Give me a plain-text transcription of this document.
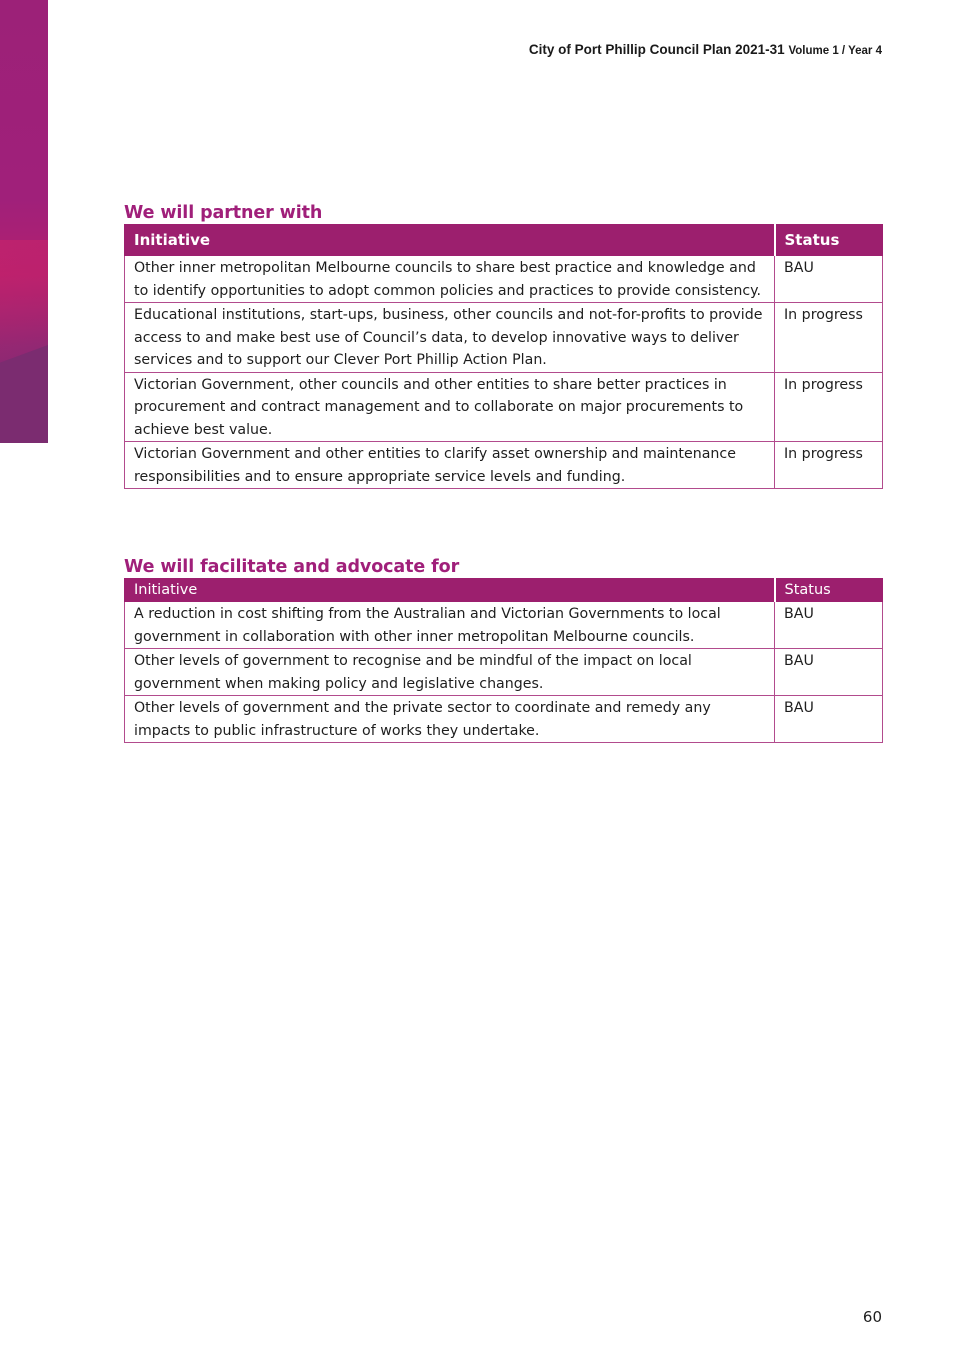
City of Port Phillip Council Plan 2021-31 Volume 1 / Year 4
We will partner with
Initiative	Status
Other inner metropolitan Melbourne councils to share best practice and knowledge and to identify opportunities to adopt common policies and practices to provide consistency.	BAU
Educational institutions, start-ups, business, other councils and not-for-profits to provide access to and make best use of Council’s data, to develop innovative ways to deliver services and to support our Clever Port Phillip Action Plan.	In progress
Victorian Government, other councils and other entities to share better practices in procurement and contract management and to collaborate on major procurements to achieve best value.	In progress
Victorian Government and other entities to clarify asset ownership and maintenance responsibilities and to ensure appropriate service levels and funding.	In progress
We will facilitate and advocate for
Initiative	Status
A reduction in cost shifting from the Australian and Victorian Governments to local government in collaboration with other inner metropolitan Melbourne councils.	BAU
Other levels of government to recognise and be mindful of the impact on local government when making policy and legislative changes.	BAU
Other levels of government and the private sector to coordinate and remedy any impacts to public infrastructure of works they undertake.	BAU
60
